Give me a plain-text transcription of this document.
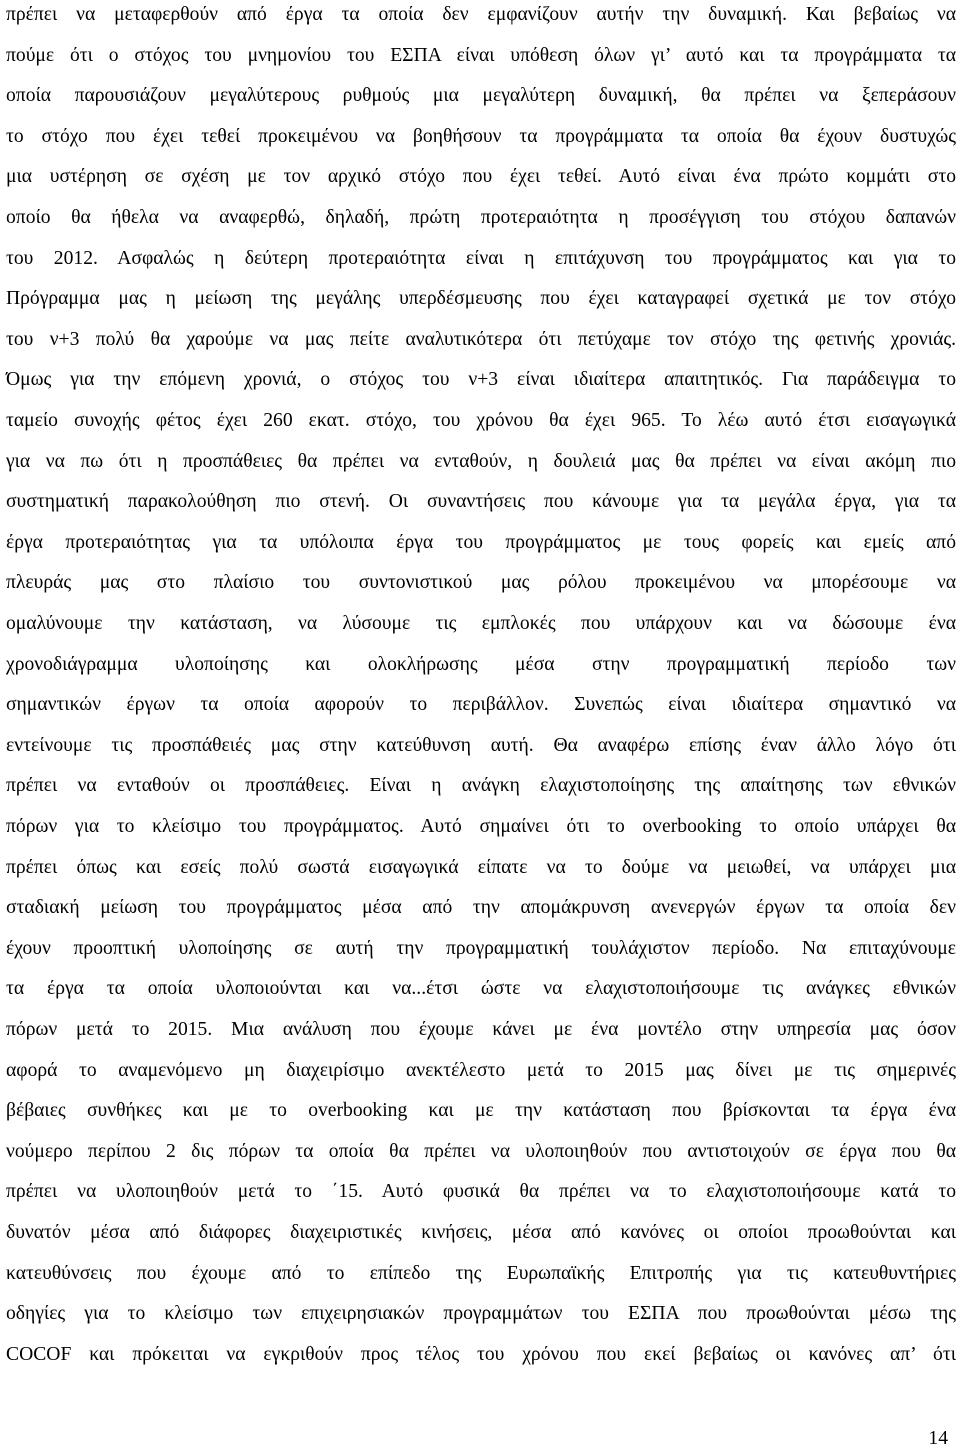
πρέπει να μεταφερθούν από έργα τα οποία δεν εμφανίζουν αυτήν την δυναμική. Και βεβαίως να
πούμε ότι ο στόχος του μνημονίου του ΕΣΠΑ είναι υπόθεση όλων γι’ αυτό και τα προγράμματα τα
οποία παρουσιάζουν μεγαλύτερους ρυθμούς μια μεγαλύτερη δυναμική, θα πρέπει να ξεπεράσουν
το στόχο που έχει τεθεί προκειμένου να βοηθήσουν τα προγράμματα τα οποία θα έχουν δυστυχώς
μια υστέρηση σε σχέση με τον αρχικό στόχο που έχει τεθεί. Αυτό είναι ένα πρώτο κομμάτι στο
οποίο θα ήθελα να αναφερθώ, δηλαδή, πρώτη προτεραιότητα η προσέγγιση του στόχου δαπανών
του 2012. Ασφαλώς η δεύτερη προτεραιότητα είναι η επιτάχυνση του προγράμματος και για το
Πρόγραμμα μας η μείωση της μεγάλης υπερδέσμευσης που έχει καταγραφεί σχετικά με τον στόχο
του ν+3 πολύ θα χαρούμε να μας πείτε αναλυτικότερα ότι πετύχαμε τον στόχο της φετινής χρονιάς.
Όμως για την επόμενη χρονιά, ο στόχος του ν+3 είναι ιδιαίτερα απαιτητικός. Για παράδειγμα το
ταμείο συνοχής φέτος έχει 260 εκατ. στόχο, του χρόνου θα έχει 965. Το λέω αυτό έτσι εισαγωγικά
για να πω ότι η προσπάθειες θα πρέπει να ενταθούν, η δουλειά μας θα πρέπει να είναι ακόμη πιο
συστηματική παρακολούθηση πιο στενή. Οι συναντήσεις που κάνουμε για τα μεγάλα έργα, για τα
έργα προτεραιότητας για τα υπόλοιπα έργα του προγράμματος με τους φορείς και εμείς από
πλευράς μας στο πλαίσιο του συντονιστικού μας ρόλου προκειμένου να μπορέσουμε να
ομαλύνουμε την κατάσταση, να λύσουμε τις εμπλοκές που υπάρχουν και να δώσουμε ένα
χρονοδιάγραμμα υλοποίησης και ολοκλήρωσης μέσα στην προγραμματική περίοδο των
σημαντικών έργων τα οποία αφορούν το περιβάλλον. Συνεπώς είναι ιδιαίτερα σημαντικό να
εντείνουμε τις προσπάθειές μας στην κατεύθυνση αυτή. Θα αναφέρω επίσης έναν άλλο λόγο ότι
πρέπει να ενταθούν οι προσπάθειες. Είναι η ανάγκη ελαχιστοποίησης της απαίτησης των εθνικών
πόρων για το κλείσιμο του προγράμματος. Αυτό σημαίνει ότι το overbooking το οποίο υπάρχει θα
πρέπει όπως και εσείς πολύ σωστά εισαγωγικά είπατε να το δούμε να μειωθεί, να υπάρχει μια
σταδιακή μείωση του προγράμματος μέσα από την απομάκρυνση ανενεργών έργων τα οποία δεν
έχουν προοπτική υλοποίησης σε αυτή την προγραμματική τουλάχιστον περίοδο. Να επιταχύνουμε
τα έργα τα οποία υλοποιούνται και να...έτσι ώστε να ελαχιστοποιήσουμε τις ανάγκες εθνικών
πόρων μετά το 2015. Μια ανάλυση που έχουμε κάνει με ένα μοντέλο στην υπηρεσία μας όσον
αφορά το αναμενόμενο μη διαχειρίσιμο ανεκτέλεστο μετά το 2015 μας δίνει με τις σημερινές
βέβαιες συνθήκες και με το overbooking και με την κατάσταση που βρίσκονται τα έργα ένα
νούμερο περίπου 2 δις πόρων τα οποία θα πρέπει να υλοποιηθούν που αντιστοιχούν σε έργα που θα
πρέπει να υλοποιηθούν μετά το ΄15. Αυτό φυσικά θα πρέπει να το ελαχιστοποιήσουμε κατά το
δυνατόν μέσα από διάφορες διαχειριστικές κινήσεις, μέσα από κανόνες οι οποίοι προωθούνται και
κατευθύνσεις που έχουμε από το επίπεδο της Ευρωπαϊκής Επιτροπής για τις κατευθυντήριες
οδηγίες για το κλείσιμο των επιχειρησιακών προγραμμάτων του ΕΣΠΑ που προωθούνται μέσω της
COCOF και πρόκειται να εγκριθούν προς τέλος του χρόνου που εκεί βεβαίως οι κανόνες απ’ ότι
14
